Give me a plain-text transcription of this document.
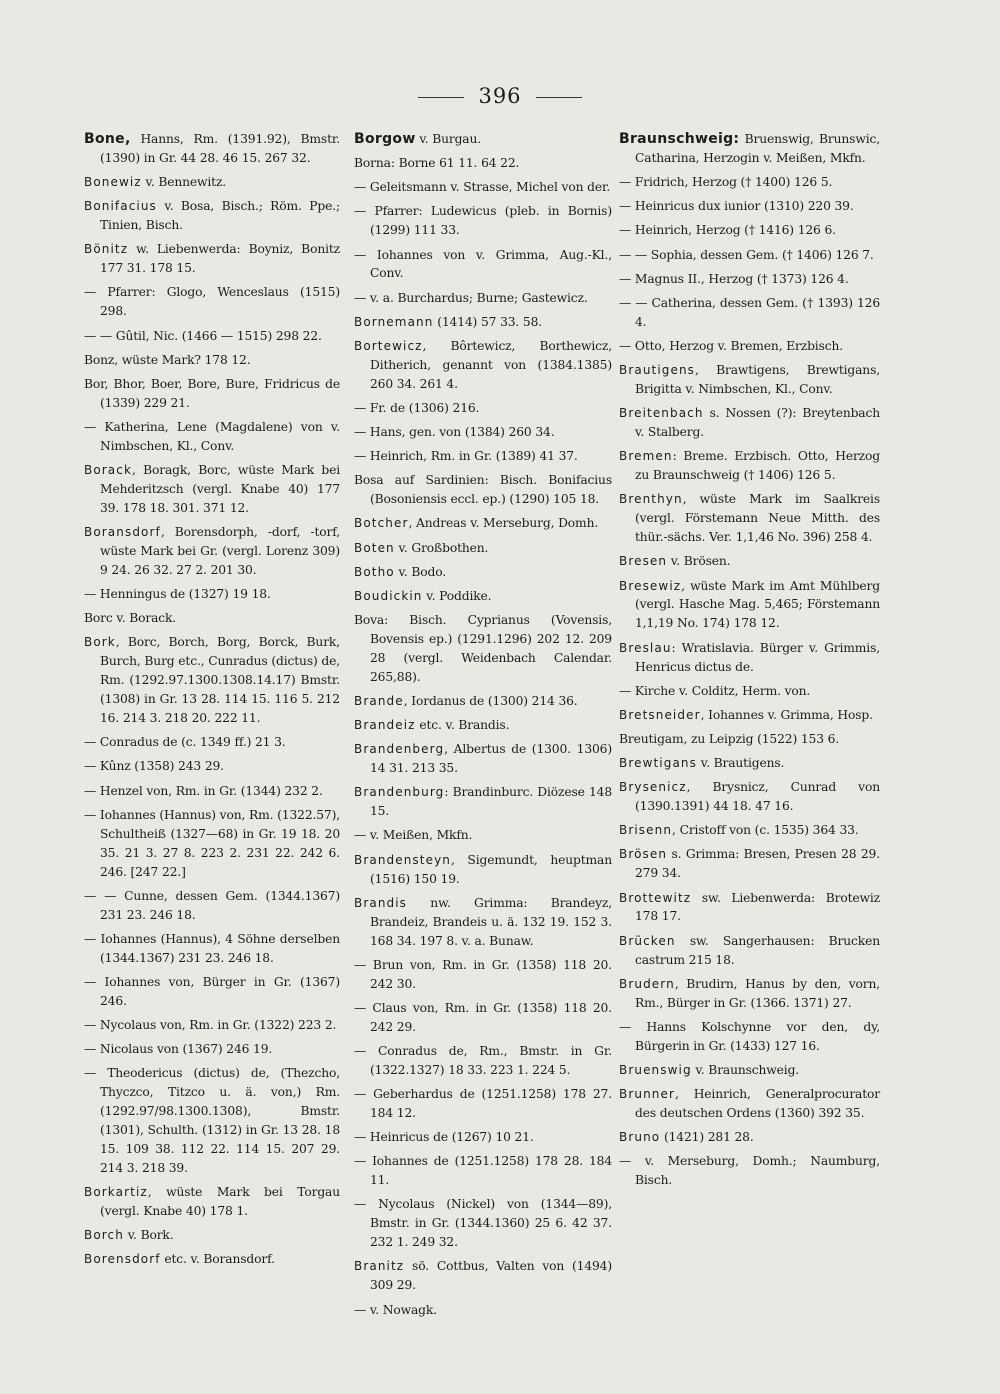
396

Bone, Hanns, Rm. (1391.92), Bmstr. (1390) in Gr. 44 28. 46 15. 267 32.

Bonewiz v. Bennewitz.

Bonifacius v. Bosa, Bisch.; Röm. Ppe.; Tinien, Bisch.

Bönitz w. Liebenwerda: Boyniz, Bonitz 177 31. 178 15.

— Pfarrer: Glogo, Wenceslaus (1515) 298.

— — Gûtil, Nic. (1466 — 1515) 298 22.

Bonz, wüste Mark? 178 12.

Bor, Bhor, Boer, Bore, Bure, Fridricus de (1339) 229 21.

— Katherina, Lene (Magdalene) von v. Nimbschen, Kl., Conv.

Borack, Boragk, Borc, wüste Mark bei Mehderitzsch (vergl. Knabe 40) 177 39. 178 18. 301. 371 12.

Boransdorf, Borensdorph, -dorf, -torf, wüste Mark bei Gr. (vergl. Lorenz 309) 9 24. 26 32. 27 2. 201 30.

— Henningus de (1327) 19 18.

Borc v. Borack.

Bork, Borc, Borch, Borg, Borck, Burk, Burch, Burg etc., Cunradus (dictus) de, Rm. (1292.97.1300.1308.14.17) Bmstr. (1308) in Gr. 13 28. 114 15. 116 5. 212 16. 214 3. 218 20. 222 11.

— Conradus de (c. 1349 ff.) 21 3.

— Kûnz (1358) 243 29.

— Henzel von, Rm. in Gr. (1344) 232 2.

— Iohannes (Hannus) von, Rm. (1322.57), Schultheiß (1327—68) in Gr. 19 18. 20 35. 21 3. 27 8. 223 2. 231 22. 242 6. 246. [247 22.]

— — Cunne, dessen Gem. (1344.1367) 231 23. 246 18.

— Iohannes (Hannus), 4 Söhne derselben (1344.1367) 231 23. 246 18.

— Iohannes von, Bürger in Gr. (1367) 246.

— Nycolaus von, Rm. in Gr. (1322) 223 2.

— Nicolaus von (1367) 246 19.

— Theodericus (dictus) de, (Thezcho, Thyczco, Titzco u. ä. von,) Rm. (1292.97/98.1300.1308), Bmstr. (1301), Schulth. (1312) in Gr. 13 28. 18 15. 109 38. 112 22. 114 15. 207 29. 214 3. 218 39.

Borkartiz, wüste Mark bei Torgau (vergl. Knabe 40) 178 1.

Borch v. Bork.

Borensdorf etc. v. Boransdorf.

Borgow v. Burgau.

Borna: Borne 61 11. 64 22.

— Geleitsmann v. Strasse, Michel von der.

— Pfarrer: Ludewicus (pleb. in Bornis) (1299) 111 33.

— Iohannes von v. Grimma, Aug.-Kl., Conv.

— v. a. Burchardus; Burne; Gastewicz.

Bornemann (1414) 57 33. 58.

Bortewicz, Bôrtewicz, Borthewicz, Ditherich, genannt von (1384.1385) 260 34. 261 4.

— Fr. de (1306) 216.

— Hans, gen. von (1384) 260 34.

— Heinrich, Rm. in Gr. (1389) 41 37.

Bosa auf Sardinien: Bisch. Bonifacius (Bosoniensis eccl. ep.) (1290) 105 18.

Botcher, Andreas v. Merseburg, Domh.

Boten v. Großbothen.

Botho v. Bodo.

Boudickin v. Poddike.

Bova: Bisch. Cyprianus (Vovensis, Bovensis ep.) (1291.1296) 202 12. 209 28 (vergl. Weidenbach Calendar. 265,88).

Brande, Iordanus de (1300) 214 36.

Brandeiz etc. v. Brandis.

Brandenberg, Albertus de (1300. 1306) 14 31. 213 35.

Brandenburg: Brandinburc. Diözese 148 15.

— v. Meißen, Mkfn.

Brandensteyn, Sigemundt, heuptman (1516) 150 19.

Brandis nw. Grimma: Brandeyz, Brandeiz, Brandeis u. ä. 132 19. 152 3. 168 34. 197 8. v. a. Bunaw.

— Brun von, Rm. in Gr. (1358) 118 20. 242 30.

— Claus von, Rm. in Gr. (1358) 118 20. 242 29.

— Conradus de, Rm., Bmstr. in Gr. (1322.1327) 18 33. 223 1. 224 5.

— Geberhardus de (1251.1258) 178 27. 184 12.

— Heinricus de (1267) 10 21.

— Iohannes de (1251.1258) 178 28. 184 11.

— Nycolaus (Nickel) von (1344—89), Bmstr. in Gr. (1344.1360) 25 6. 42 37. 232 1. 249 32.

Branitz sö. Cottbus, Valten von (1494) 309 29.

— v. Nowagk.

Braunschweig: Bruenswig, Brunswic, Catharina, Herzogin v. Meißen, Mkfn.

— Fridrich, Herzog († 1400) 126 5.

— Heinricus dux iunior (1310) 220 39.

— Heinrich, Herzog († 1416) 126 6.

— — Sophia, dessen Gem. († 1406) 126 7.

— Magnus II., Herzog († 1373) 126 4.

— — Catherina, dessen Gem. († 1393) 126 4.

— Otto, Herzog v. Bremen, Erzbisch.

Brautigens, Brawtigens, Brewtigans, Brigitta v. Nimbschen, Kl., Conv.

Breitenbach s. Nossen (?): Breytenbach v. Stalberg.

Bremen: Breme. Erzbisch. Otto, Herzog zu Braunschweig († 1406) 126 5.

Brenthyn, wüste Mark im Saalkreis (vergl. Förstemann Neue Mitth. des thür.-sächs. Ver. 1,1,46 No. 396) 258 4.

Bresen v. Brösen.

Bresewiz, wüste Mark im Amt Mühlberg (vergl. Hasche Mag. 5,465; Förstemann 1,1,19 No. 174) 178 12.

Breslau: Wratislavia. Bürger v. Grimmis, Henricus dictus de.

— Kirche v. Colditz, Herm. von.

Bretsneider, Iohannes v. Grimma, Hosp.

Breutigam, zu Leipzig (1522) 153 6.

Brewtigans v. Brautigens.

Brysenicz, Brysnicz, Cunrad von (1390.1391) 44 18. 47 16.

Brisenn, Cristoff von (c. 1535) 364 33.

Brösen s. Grimma: Bresen, Presen 28 29. 279 34.

Brottewitz sw. Liebenwerda: Brotewiz 178 17.

Brücken sw. Sangerhausen: Brucken castrum 215 18.

Brudern, Brudirn, Hanus by den, vorn, Rm., Bürger in Gr. (1366. 1371) 27.

— Hanns Kolschynne vor den, dy, Bürgerin in Gr. (1433) 127 16.

Bruenswig v. Braunschweig.

Brunner, Heinrich, Generalprocurator des deutschen Ordens (1360) 392 35.

Bruno (1421) 281 28.

— v. Merseburg, Domh.; Naumburg, Bisch.
